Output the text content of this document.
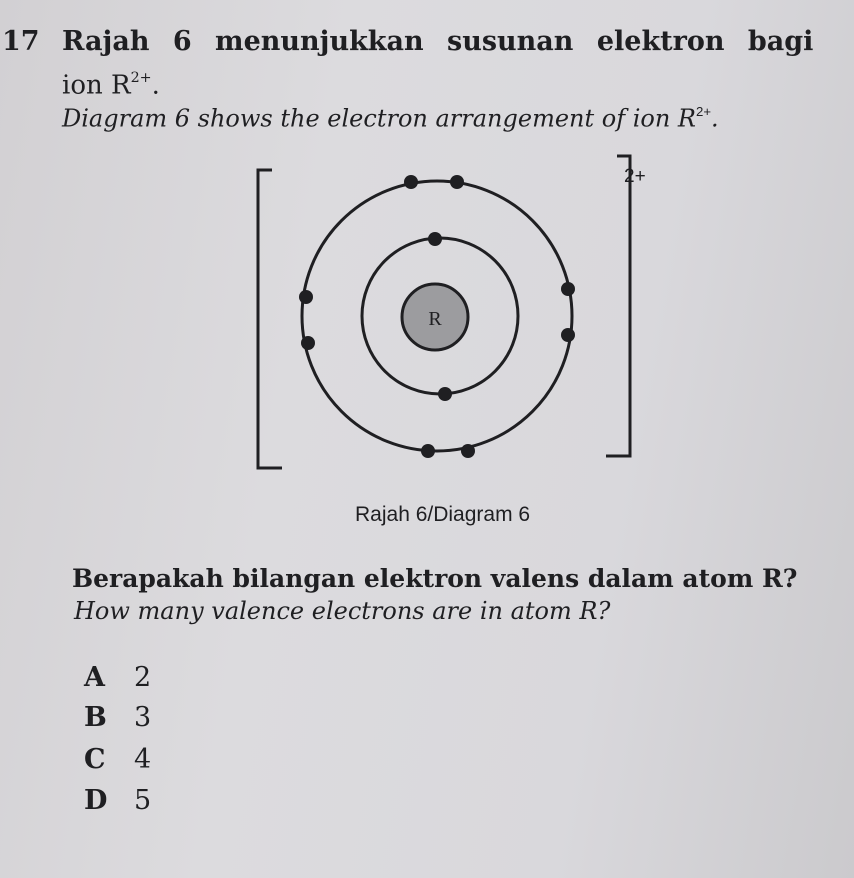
17 Rajah 6 menunjukkan susunan elektron bagi
ion $R^{2+}$.
Diagram 6 shows the electron arrangement of ion $R^{2+}$.
2+
R
Rajah 6/Diagram 6
Berapakah bilangan elektron valens dalam atom R?
How many valence electrons are in atom R?
A 2
B 3
C 4
D 5
